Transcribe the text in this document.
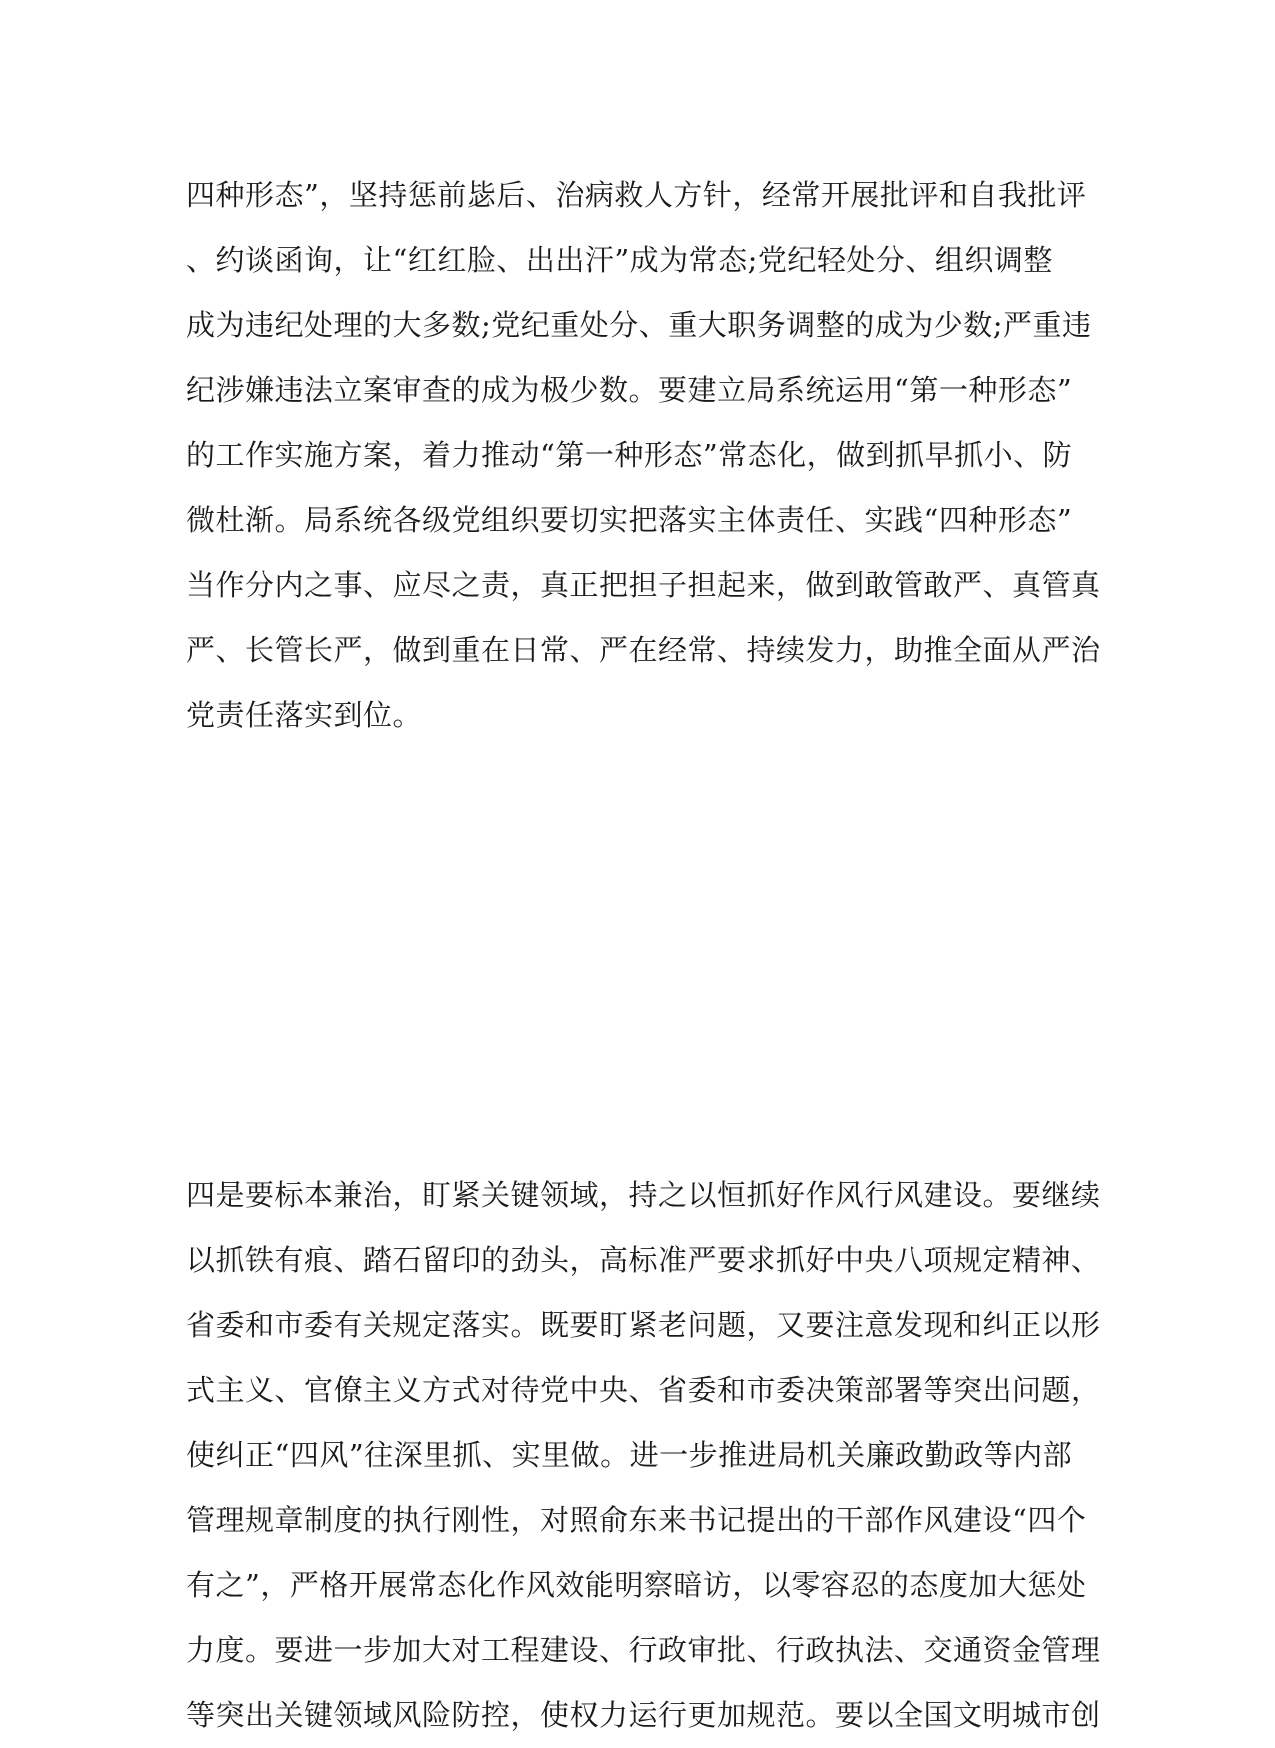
四种形态”，坚持惩前毖后、治病救人方针，经常开展批评和自我批评
、约谈函询，让“红红脸、出出汗”成为常态;党纪轻处分、组织调整
成为违纪处理的大多数;党纪重处分、重大职务调整的成为少数;严重违
纪涉嫌违法立案审查的成为极少数。要建立局系统运用“第一种形态”
的工作实施方案，着力推动“第一种形态”常态化，做到抓早抓小、防
微杜渐。局系统各级党组织要切实把落实主体责任、实践“四种形态”
当作分内之事、应尽之责，真正把担子担起来，做到敢管敢严、真管真
严、长管长严，做到重在日常、严在经常、持续发力，助推全面从严治
党责任落实到位。
四是要标本兼治，盯紧关键领域，持之以恒抓好作风行风建设。要继续
以抓铁有痕、踏石留印的劲头，高标准严要求抓好中央八项规定精神、
省委和市委有关规定落实。既要盯紧老问题，又要注意发现和纠正以形
式主义、官僚主义方式对待党中央、省委和市委决策部署等突出问题，
使纠正“四风”往深里抓、实里做。进一步推进局机关廉政勤政等内部
管理规章制度的执行刚性，对照俞东来书记提出的干部作风建设“四个
有之”，严格开展常态化作风效能明察暗访，以零容忍的态度加大惩处
力度。要进一步加大对工程建设、行政审批、行政执法、交通资金管理
等突出关键领域风险防控，使权力运行更加规范。要以全国文明城市创
